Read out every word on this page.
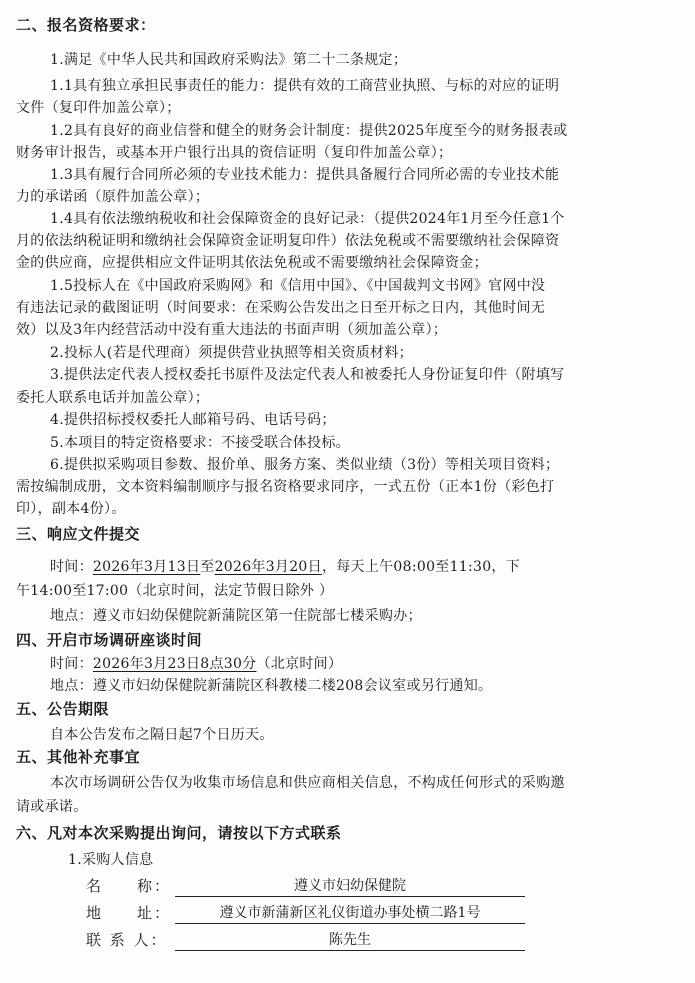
二、报名资格要求：
1.满足《中华人民共和国政府采购法》第二十二条规定；
1.1具有独立承担民事责任的能力：提供有效的工商营业执照、与标的对应的证明
文件（复印件加盖公章）；
1.2具有良好的商业信誉和健全的财务会计制度：提供2025年度至今的财务报表或
财务审计报告，或基本开户银行出具的资信证明（复印件加盖公章）；
1.3具有履行合同所必须的专业技术能力：提供具备履行合同所必需的专业技术能
力的承诺函（原件加盖公章）；
1.4具有依法缴纳税收和社会保障资金的良好记录：（提供2024年1月至今任意1个
月的依法纳税证明和缴纳社会保障资金证明复印件）依法免税或不需要缴纳社会保障资
金的供应商，应提供相应文件证明其依法免税或不需要缴纳社会保障资金；
1.5投标人在《中国政府采购网》和《信用中国》、《中国裁判文书网》官网中没
有违法记录的截图证明（时间要求：在采购公告发出之日至开标之日内，其他时间无
效）以及3年内经营活动中没有重大违法的书面声明（须加盖公章）；
2.投标人(若是代理商）须提供营业执照等相关资质材料；
3.提供法定代表人授权委托书原件及法定代表人和被委托人身份证复印件（附填写
委托人联系电话并加盖公章）；
4.提供招标授权委托人邮箱号码、电话号码；
5.本项目的特定资格要求：不接受联合体投标。
6.提供拟采购项目参数、报价单、服务方案、类似业绩（3份）等相关项目资料；
需按编制成册，文本资料编制顺序与报名资格要求同序，一式五份（正本1份（彩色打
印），副本4份）。
三、响应文件提交
时间：2026年3月13日至2026年3月20日，每天上午08:00至11:30，下
午14:00至17:00（北京时间，法定节假日除外 ）
地点：遵义市妇幼保健院新蒲院区第一住院部七楼采购办；
四、开启市场调研座谈时间
时间：2026年3月23日8点30分（北京时间）
地点：遵义市妇幼保健院新蒲院区科教楼二楼208会议室或另行通知。
五、公告期限
自本公告发布之隔日起7个日历天。
五、其他补充事宜
本次市场调研公告仅为收集市场信息和供应商相关信息，不构成任何形式的采购邀
请或承诺。
六、凡对本次采购提出询问，请按以下方式联系
1.采购人信息
名　　称：	遵义市妇幼保健院
地　　址：	遵义市新蒲新区礼仪街道办事处横二路1号
联 系 人：	陈先生
